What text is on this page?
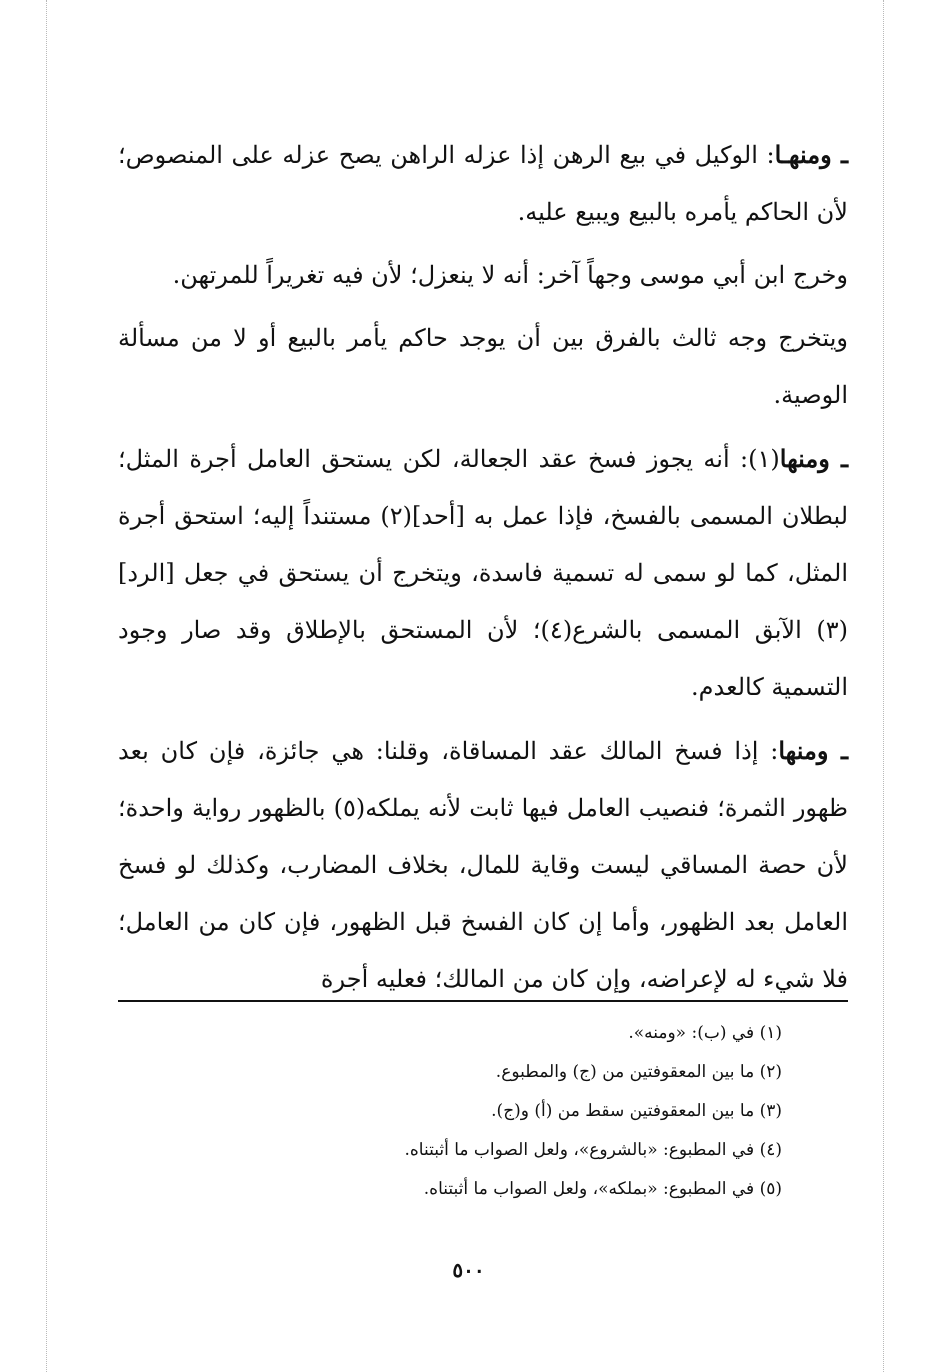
ـ ومنهـا: الوكيل في بيع الرهن إذا عزله الراهن يصح عزله على المنصوص؛ لأن الحاكم يأمره بالبيع ويبيع عليه.

وخرج ابن أبي موسى وجهاً آخر: أنه لا ينعزل؛ لأن فيه تغريراً للمرتهن.

ويتخرج وجه ثالث بالفرق بين أن يوجد حاكم يأمر بالبيع أو لا من مسألة الوصية.

ـ ومنها(١): أنه يجوز فسخ عقد الجعالة، لكن يستحق العامل أجرة المثل؛ لبطلان المسمى بالفسخ، فإذا عمل به [أحد](٢) مستنداً إليه؛ استحق أجرة المثل، كما لو سمى له تسمية فاسدة، ويتخرج أن يستحق في جعل [الرد](٣) الآبق المسمى بالشرع(٤)؛ لأن المستحق بالإطلاق وقد صار وجود التسمية كالعدم.

ـ ومنها: إذا فسخ المالك عقد المساقاة، وقلنا: هي جائزة، فإن كان بعد ظهور الثمرة؛ فنصيب العامل فيها ثابت لأنه يملكه(٥) بالظهور رواية واحدة؛ لأن حصة المساقي ليست وقاية للمال، بخلاف المضارب، وكذلك لو فسخ العامل بعد الظهور، وأما إن كان الفسخ قبل الظهور، فإن كان من العامل؛ فلا شيء له لإعراضه، وإن كان من المالك؛ فعليه أجرة

(١) في (ب): «ومنه».

(٢) ما بين المعقوفتين من (ج) والمطبوع.

(٣) ما بين المعقوفتين سقط من (أ) و(ج).

(٤) في المطبوع: «بالشروع»، ولعل الصواب ما أثبتناه.

(٥) في المطبوع: «بملكه»، ولعل الصواب ما أثبتناه.

٥٠٠
